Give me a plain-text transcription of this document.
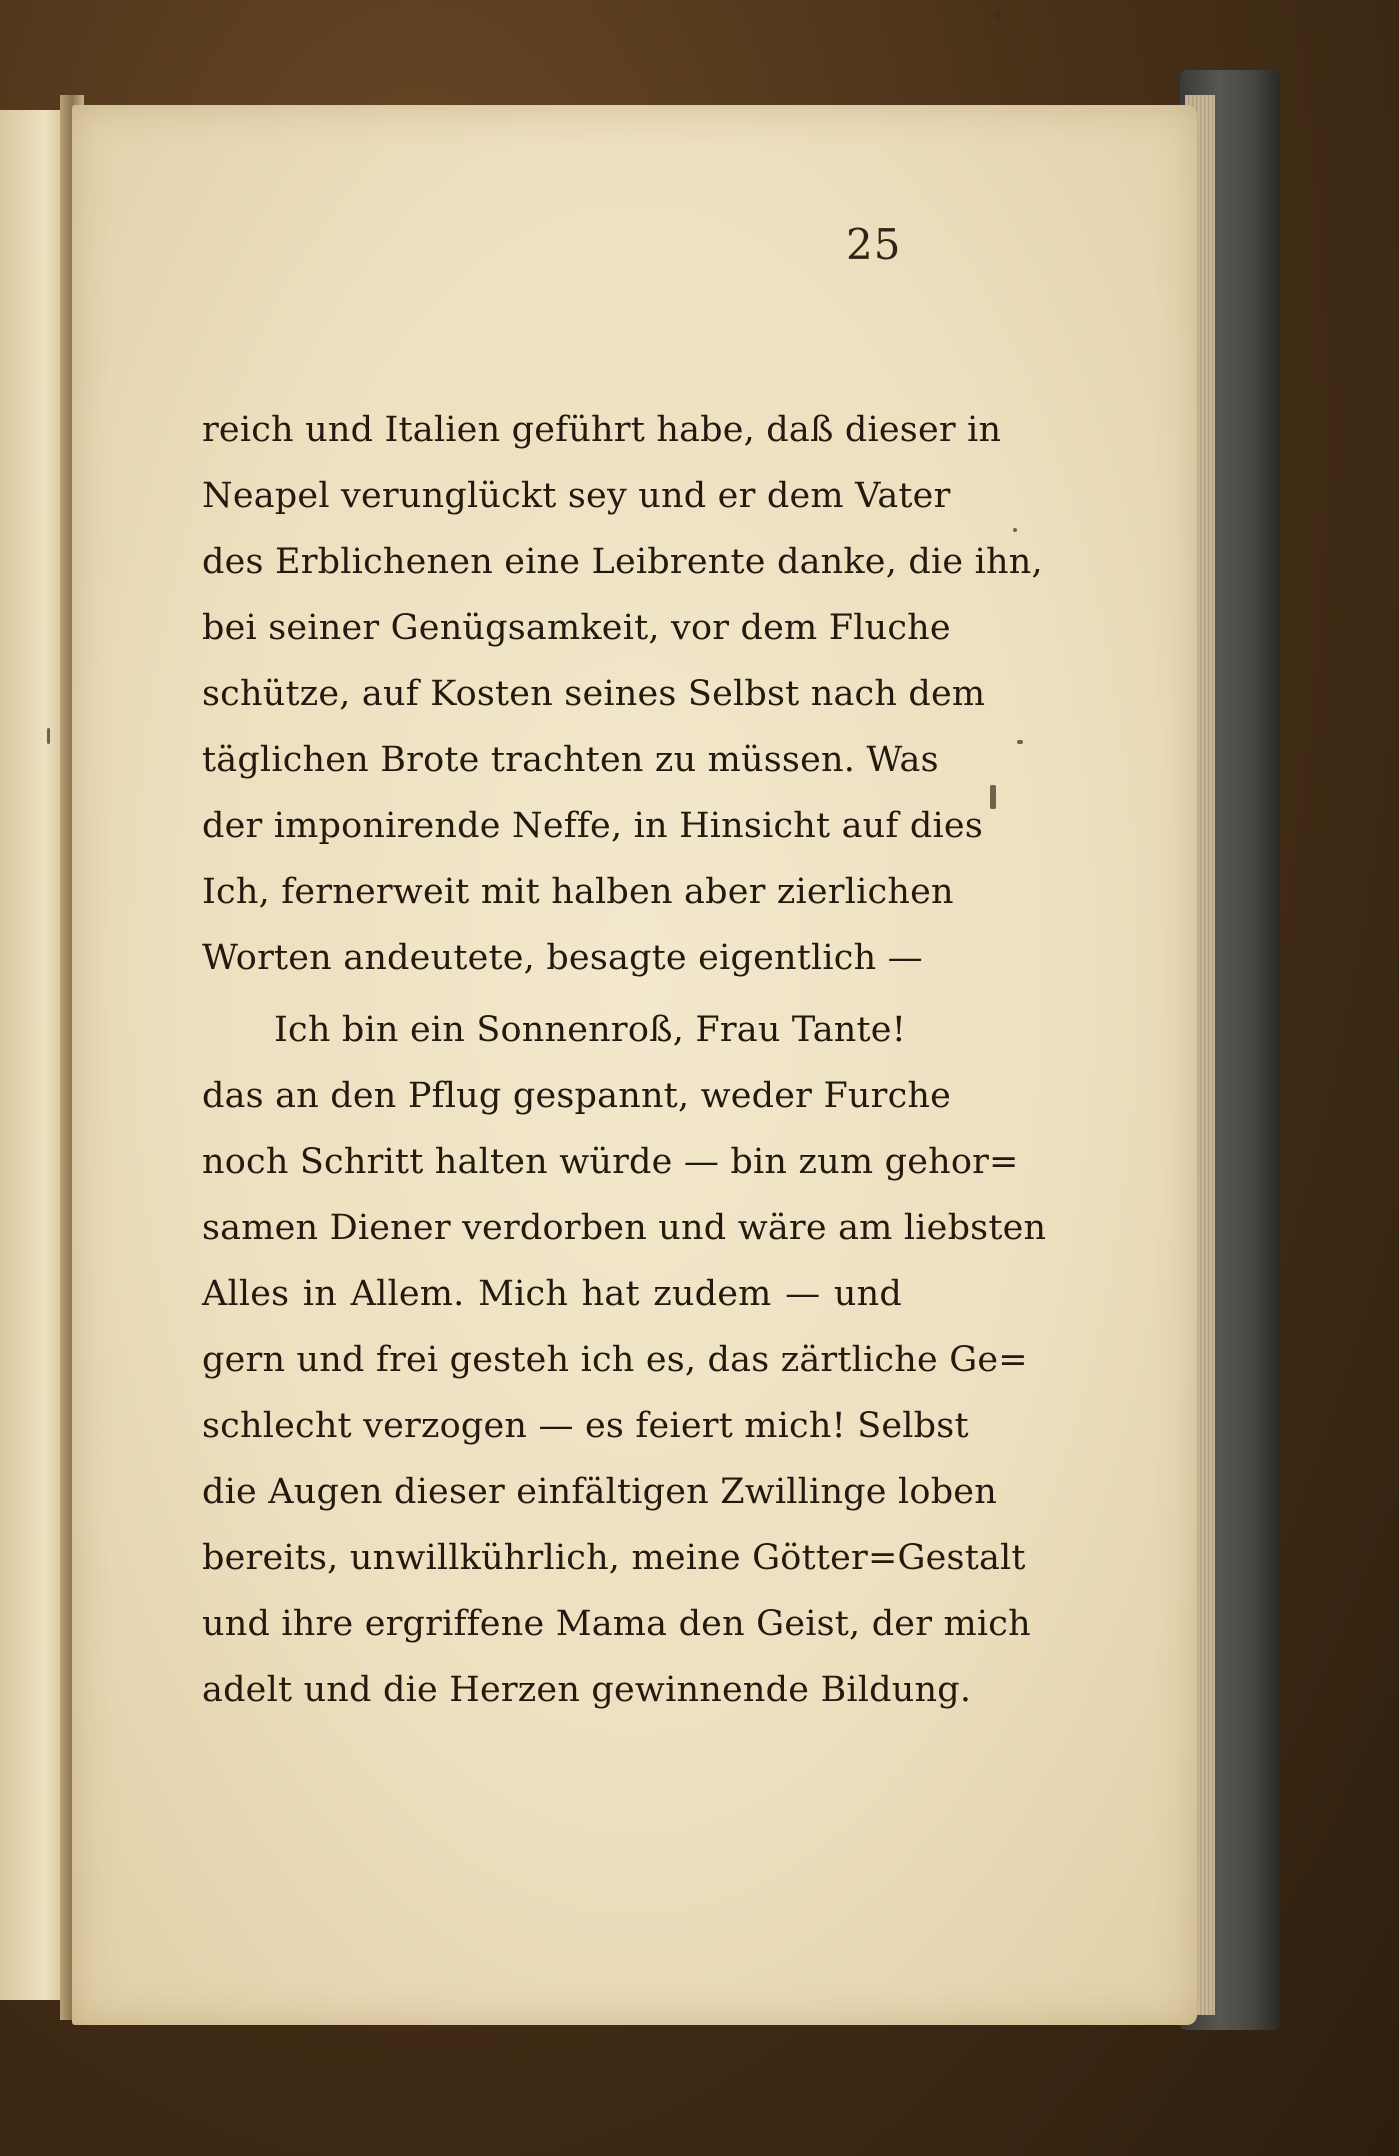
25
reich und Italien geführt habe, daß dieser in
Neapel verunglückt sey und er dem Vater
des Erblichenen eine Leibrente danke, die ihn,
bei seiner Genügsamkeit, vor dem Fluche
schütze, auf Kosten seines Selbst nach dem
täglichen Brote trachten zu müssen. Was
der imponirende Neffe, in Hinsicht auf dies
Ich, fernerweit mit halben aber zierlichen
Worten andeutete, besagte eigentlich —
Ich bin ein Sonnenroß, Frau Tante!
das an den Pflug gespannt, weder Furche
noch Schritt halten würde — bin zum gehor=
samen Diener verdorben und wäre am liebsten
Alles in Allem. Mich hat zudem — und
gern und frei gesteh ich es, das zärtliche Ge=
schlecht verzogen — es feiert mich! Selbst
die Augen dieser einfältigen Zwillinge loben
bereits, unwillkührlich, meine Götter=Gestalt
und ihre ergriffene Mama den Geist, der mich
adelt und die Herzen gewinnende Bildung.
